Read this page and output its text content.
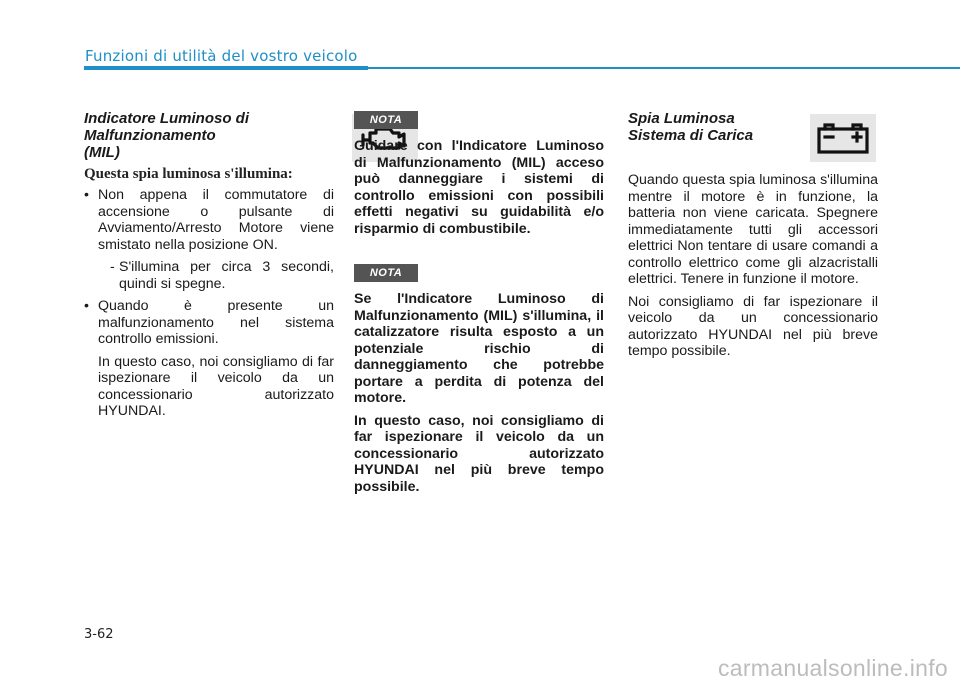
Funzioni di utilità del vostro veicolo
Indicatore Luminoso di
Malfunzionamento
(MIL)
Questa spia luminosa s'illumina:
• Non appena il commutatore di accensione o pulsante di Avviamento/Arresto Motore viene smistato nella posizione ON.
- S'illumina per circa 3 secondi, quindi si spegne.
• Quando è presente un malfunzionamento nel sistema controllo emissioni.

In questo caso, noi consigliamo di far ispezionare il veicolo da un concessionario autorizzato HYUNDAI.

NOTA

Guidare con l'Indicatore Luminoso di Malfunzionamento (MIL) acceso può danneggiare i sistemi di controllo emissioni con possibili effetti negativi su guidabilità e/o risparmio di combustibile.

NOTA

Se l'Indicatore Luminoso di Malfunzionamento (MIL) s'illumina, il catalizzatore risulta esposto a un potenziale rischio di danneggiamento che potrebbe portare a perdita di potenza del motore.

In questo caso, noi consigliamo di far ispezionare il veicolo da un concessionario autorizzato HYUNDAI nel più breve tempo possibile.

Spia Luminosa
Sistema di Carica

Quando questa spia luminosa s'illumina mentre il motore è in funzione, la batteria non viene caricata. Spegnere immediatamente tutti gli accessori elettrici Non tentare di usare comandi a controllo elettrico come gli alzacristalli elettrici. Tenere in funzione il motore.

Noi consigliamo di far ispezionare il veicolo da un concessionario autorizzato HYUNDAI nel più breve tempo possibile.

3-62
carmanualsonline.info
